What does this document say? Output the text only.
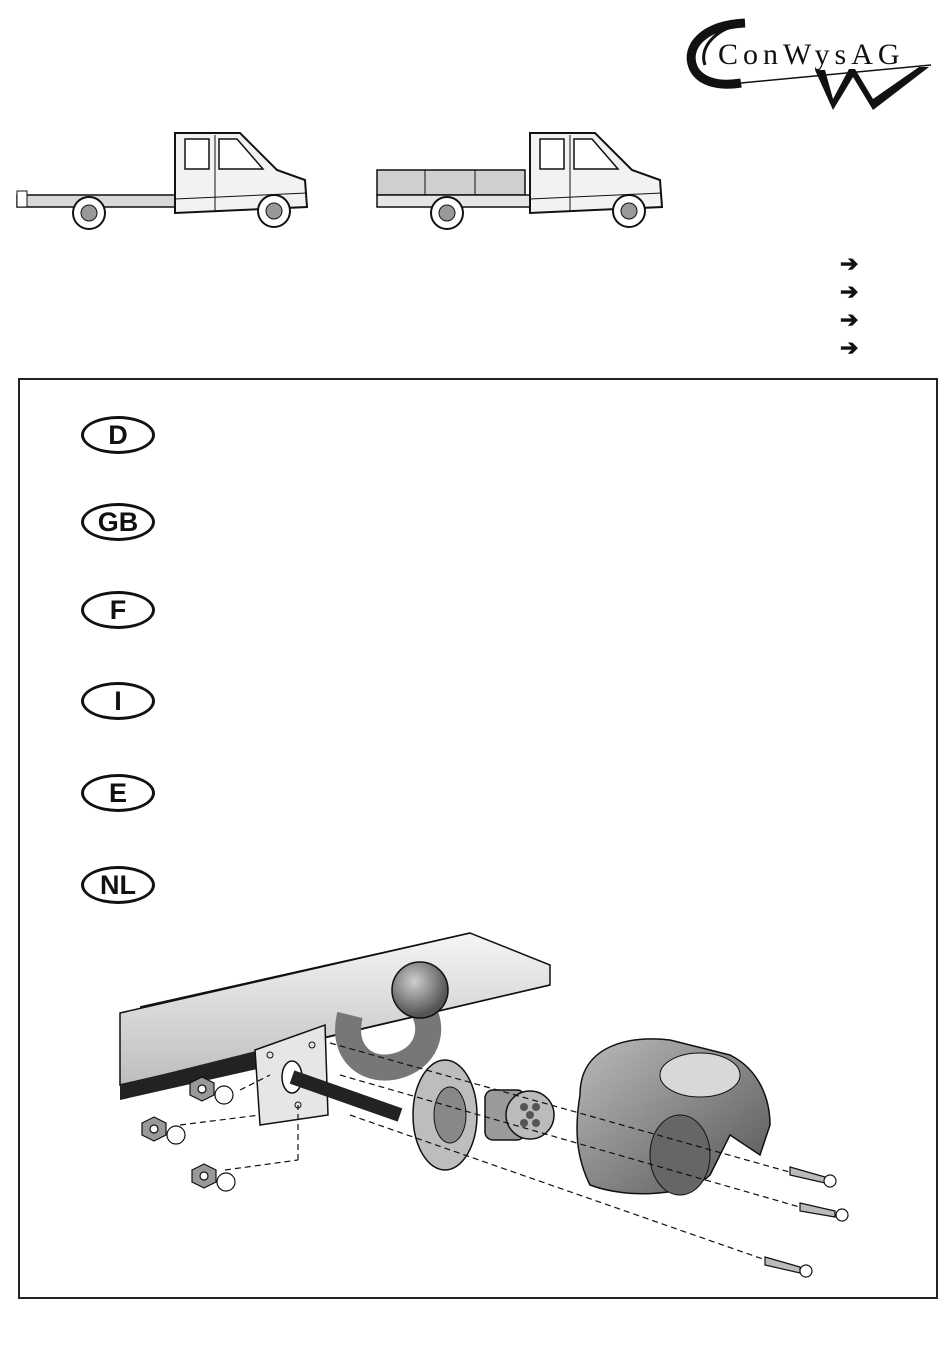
ConWysAG
➔
➔
➔
➔
D
GB
F
I
E
NL
